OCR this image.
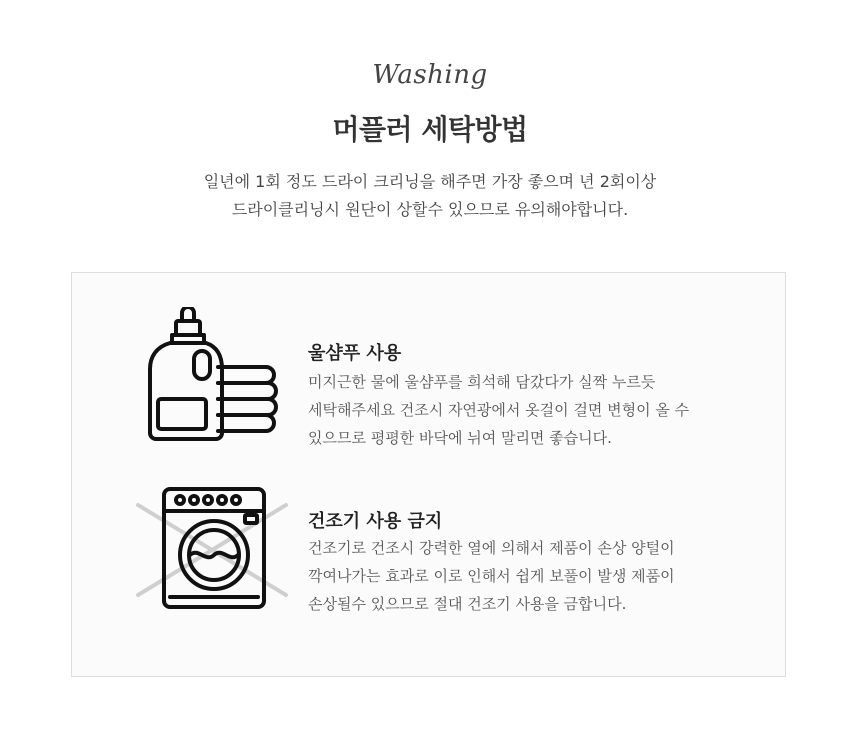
Washing
머플러 세탁방법
일년에 1회 정도 드라이 크리닝을 해주면 가장 좋으며 년 2회이상
드라이클리닝시 원단이 상할수 있으므로 유의해야합니다.
울샴푸 사용
미지근한 물에 울샴푸를 희석해 담갔다가 실짝 누르듯
세탁해주세요 건조시 자연광에서 옷걸이 걸면 변형이 올 수
있으므로 평평한 바닥에 뉘여 말리면 좋습니다.
건조기 사용 금지
건조기로 건조시 강력한 열에 의해서 제품이 손상 양털이
깍여나가는 효과로 이로 인해서 쉽게 보풀이 발생 제품이
손상될수 있으므로 절대 건조기 사용을 금합니다.
